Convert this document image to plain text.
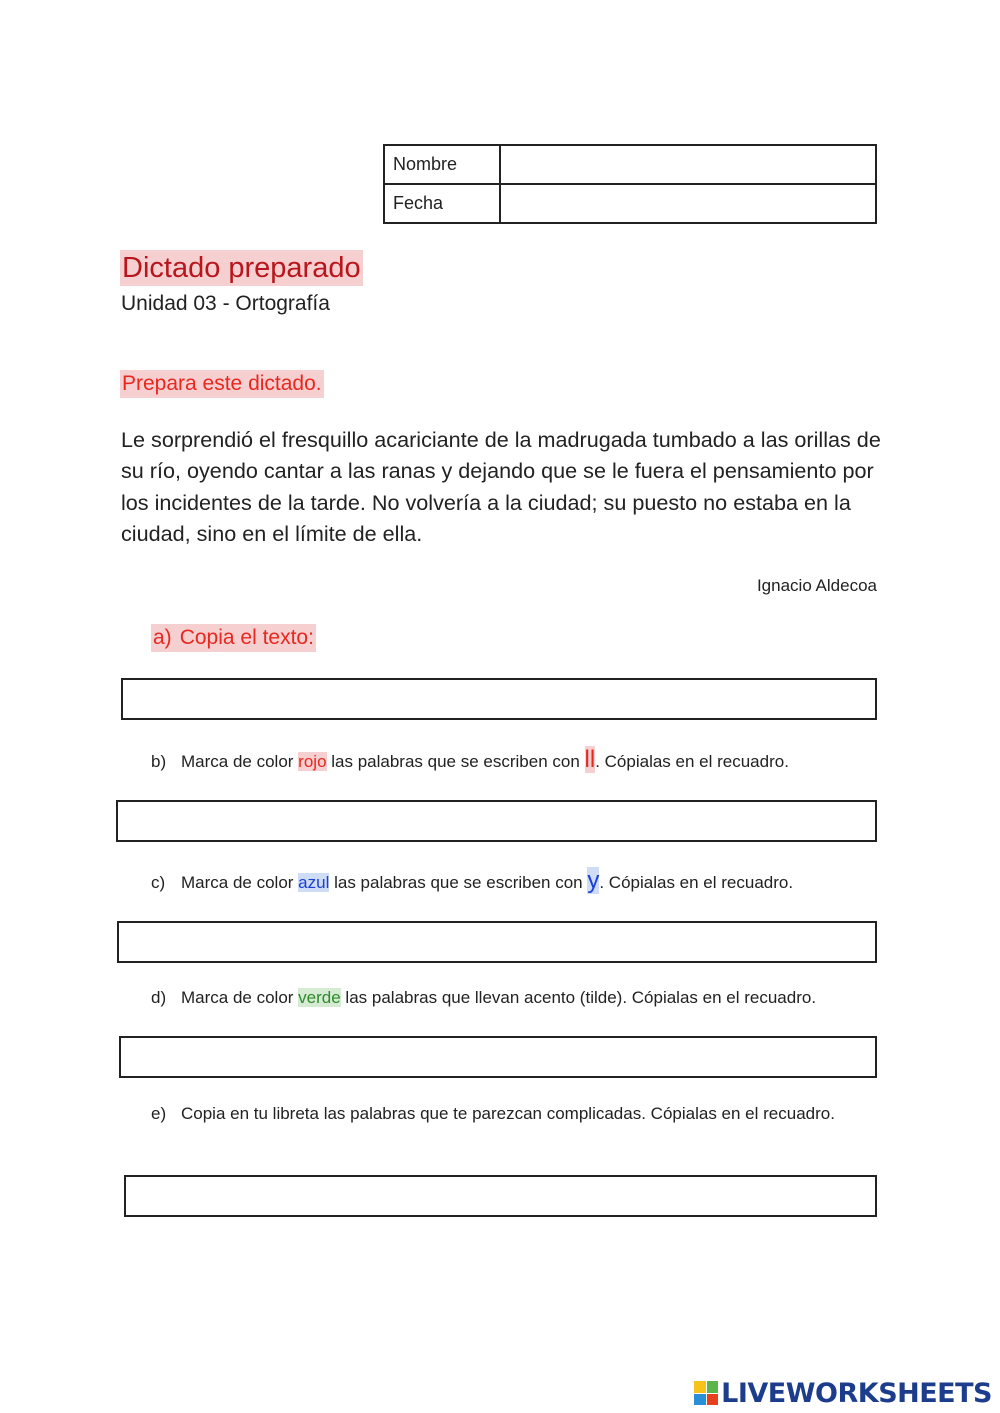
Nombre	
Fecha	
Dictado preparado
Unidad 03 - Ortografía
Prepara este dictado.
Le sorprendió el fresquillo acariciante de la madrugada tumbado a las orillas de su río, oyendo cantar a las ranas y dejando que se le fuera el pensamiento por los incidentes de la tarde. No volvería a la ciudad; su puesto no estaba en la ciudad, sino en el límite de ella.
Ignacio Aldecoa
a) Copia el texto:
b) Marca de color rojo las palabras que se escriben con ll. Cópialas en el recuadro.
c) Marca de color azul las palabras que se escriben con y. Cópialas en el recuadro.
d) Marca de color verde las palabras que llevan acento (tilde). Cópialas en el recuadro.
e) Copia en tu libreta las palabras que te parezcan complicadas. Cópialas en el recuadro.
LIVEWORKSHEETS
